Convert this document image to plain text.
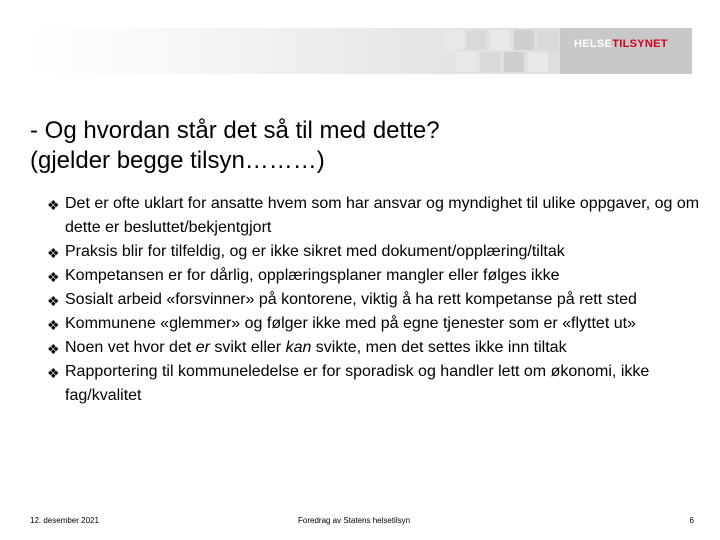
HELSETILSYNET
...
- Og hvordan står det så til med dette?
(gjelder begge tilsyn………)
❖ Det er ofte uklart for ansatte hvem som har ansvar og myndighet til ulike oppgaver, og om dette er besluttet/bekjentgjort
❖ Praksis blir for tilfeldig, og er ikke sikret med dokument/opplæring/tiltak
❖ Kompetansen er for dårlig, opplæringsplaner mangler eller følges ikke
❖ Sosialt arbeid «forsvinner» på kontorene, viktig å ha rett kompetanse på rett sted
❖ Kommunene «glemmer» og følger ikke med på egne tjenester som er «flyttet ut»
❖ Noen vet hvor det er svikt eller kan svikte, men det settes ikke inn tiltak
❖ Rapportering til kommuneledelse er for sporadisk og handler lett om økonomi, ikke fag/kvalitet
12. desember 2021	Foredrag av Statens helsetilsyn	6
